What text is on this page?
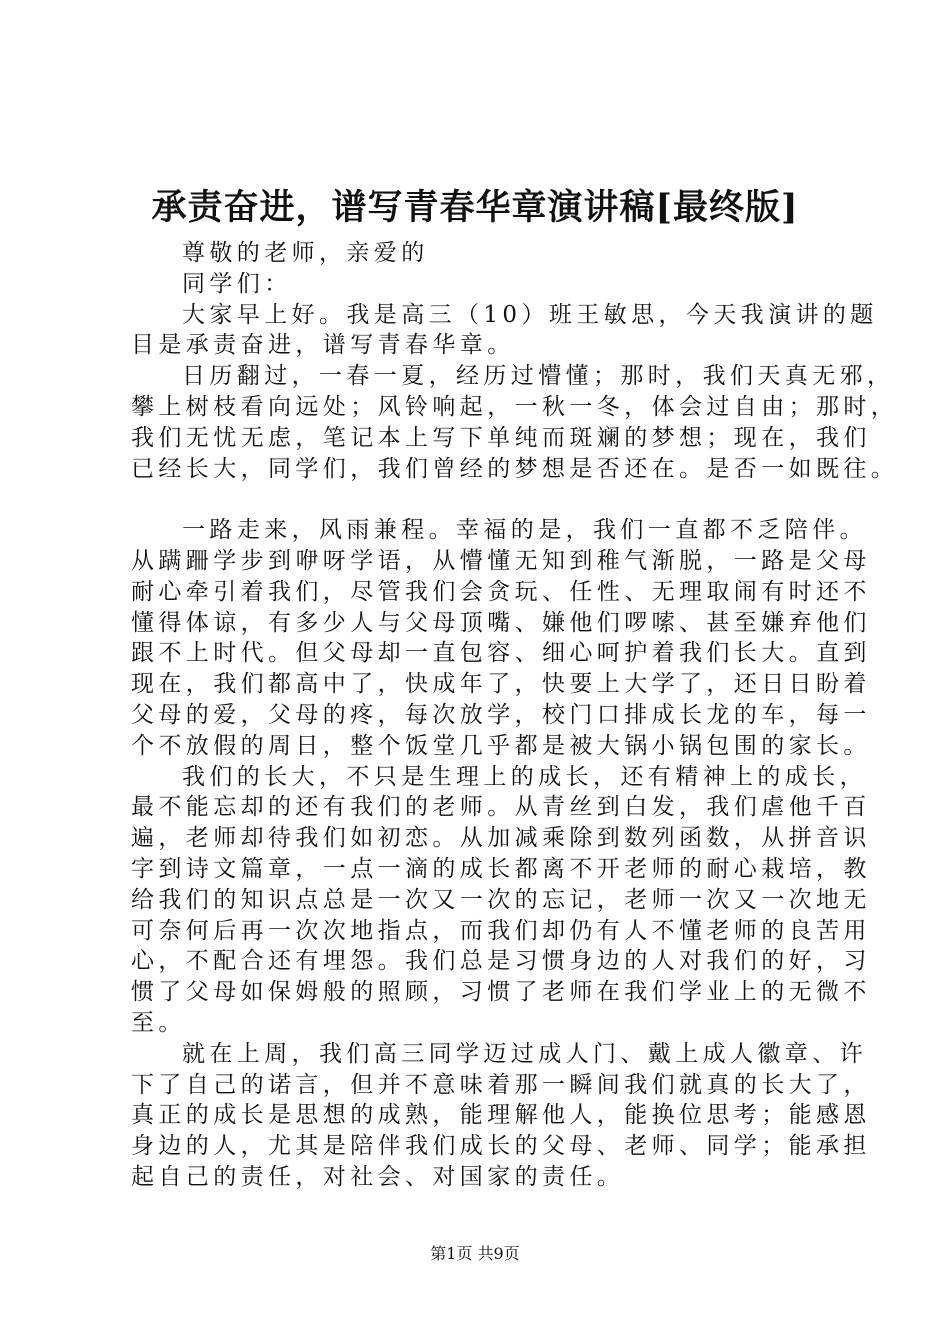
承责奋进，谱写青春华章演讲稿[最终版]
尊敬的老师，亲爱的
同学们：
大家早上好。我是高三（10）班王敏思，今天我演讲的题
目是承责奋进，谱写青春华章。
日历翻过，一春一夏，经历过懵懂；那时，我们天真无邪，
攀上树枝看向远处；风铃响起，一秋一冬，体会过自由；那时，
我们无忧无虑，笔记本上写下单纯而斑斓的梦想；现在，我们
已经长大，同学们，我们曾经的梦想是否还在。是否一如既往。
一路走来，风雨兼程。幸福的是，我们一直都不乏陪伴。
从蹒跚学步到咿呀学语，从懵懂无知到稚气渐脱，一路是父母
耐心牵引着我们，尽管我们会贪玩、任性、无理取闹有时还不
懂得体谅，有多少人与父母顶嘴、嫌他们啰嗦、甚至嫌弃他们
跟不上时代。但父母却一直包容、细心呵护着我们长大。直到
现在，我们都高中了，快成年了，快要上大学了，还日日盼着
父母的爱，父母的疼，每次放学，校门口排成长龙的车，每一
个不放假的周日，整个饭堂几乎都是被大锅小锅包围的家长。
我们的长大，不只是生理上的成长，还有精神上的成长，
最不能忘却的还有我们的老师。从青丝到白发，我们虐他千百
遍，老师却待我们如初恋。从加减乘除到数列函数，从拼音识
字到诗文篇章，一点一滴的成长都离不开老师的耐心栽培，教
给我们的知识点总是一次又一次的忘记，老师一次又一次地无
可奈何后再一次次地指点，而我们却仍有人不懂老师的良苦用
心，不配合还有埋怨。我们总是习惯身边的人对我们的好，习
惯了父母如保姆般的照顾，习惯了老师在我们学业上的无微不
至。
就在上周，我们高三同学迈过成人门、戴上成人徽章、许
下了自己的诺言，但并不意味着那一瞬间我们就真的长大了，
真正的成长是思想的成熟，能理解他人，能换位思考；能感恩
身边的人，尤其是陪伴我们成长的父母、老师、同学；能承担
起自己的责任，对社会、对国家的责任。
第1页 共9页
